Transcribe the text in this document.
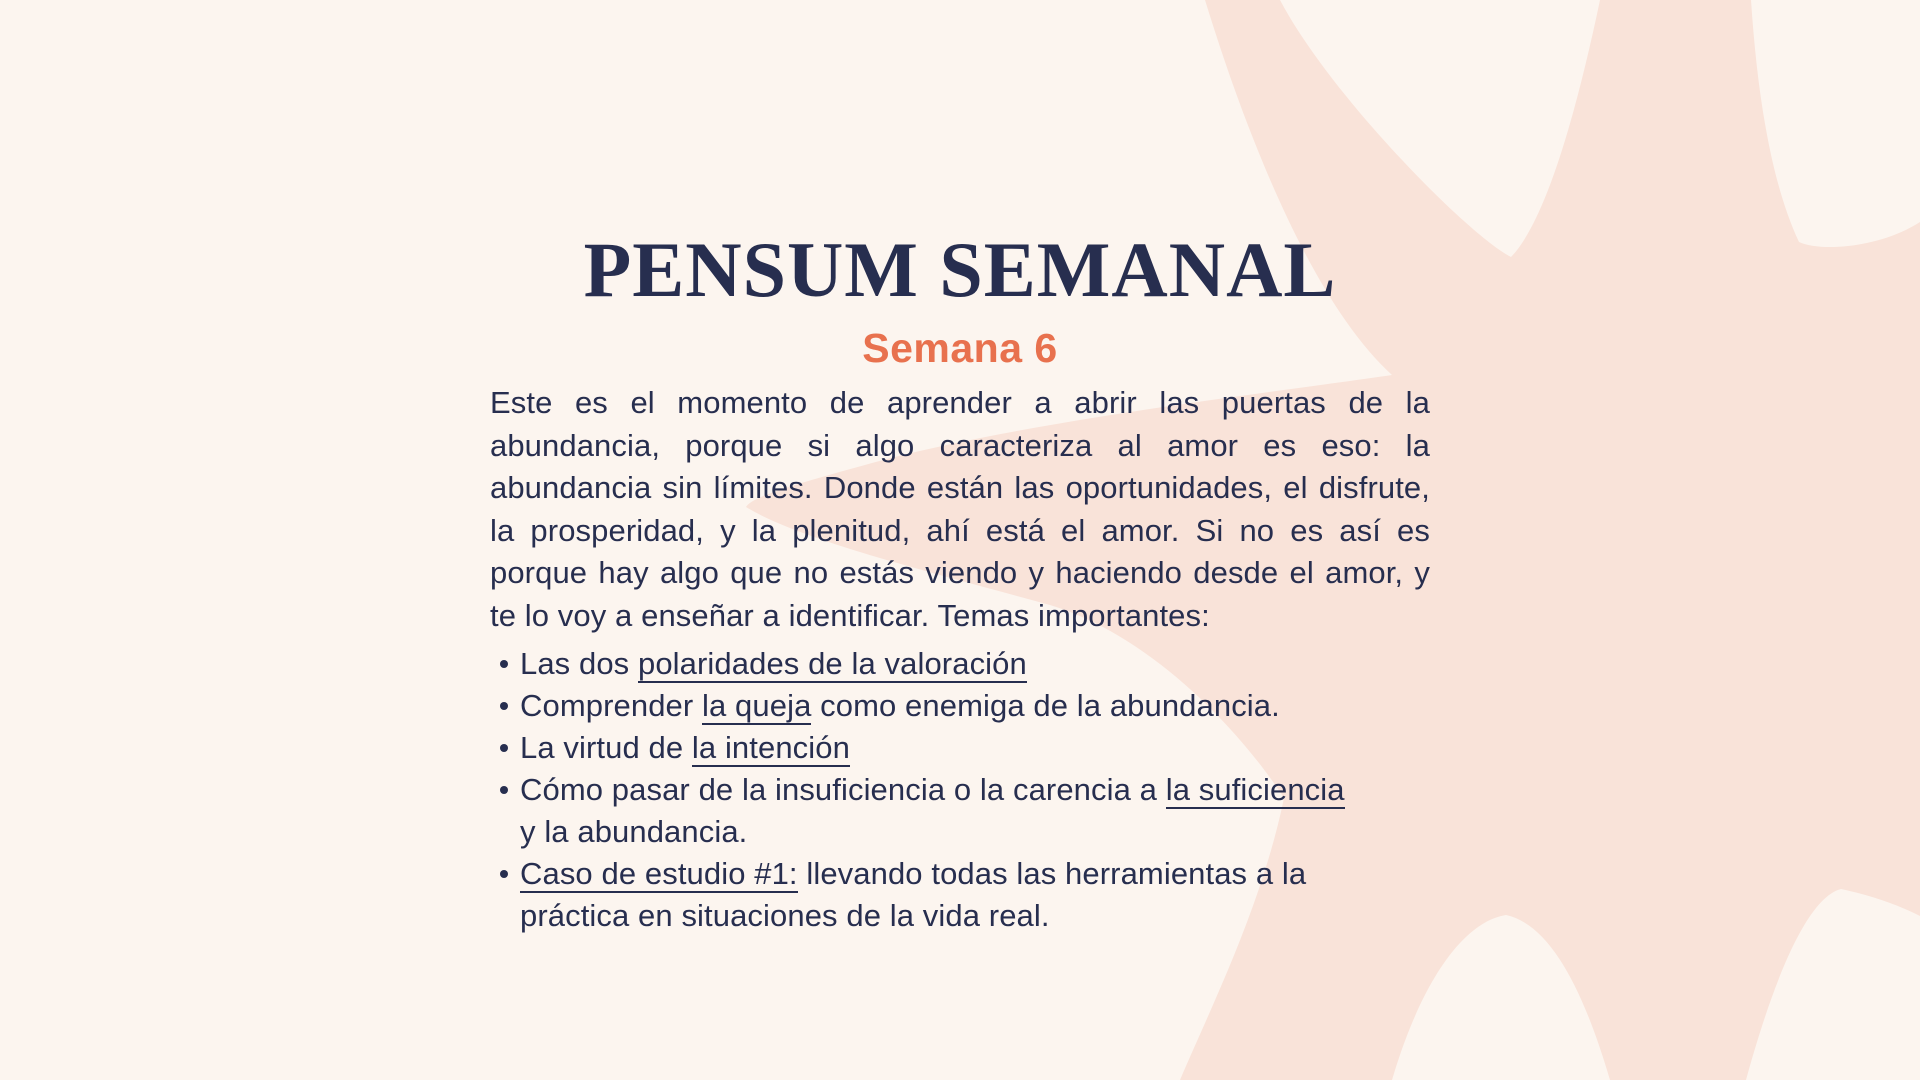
PENSUM SEMANAL
Semana 6

Este es el momento de aprender a abrir las puertas de la abundancia, porque si algo caracteriza al amor es eso: la abundancia sin límites. Donde están las oportunidades, el disfrute, la prosperidad, y la plenitud, ahí está el amor. Si no es así es porque hay algo que no estás viendo y haciendo desde el amor, y te lo voy a enseñar a identificar. Temas importantes:

Las dos polaridades de la valoración
Comprender la queja como enemiga de la abundancia.
La virtud de la intención
Cómo pasar de la insuficiencia o la carencia a la suficiencia y la abundancia.
Caso de estudio #1: llevando todas las herramientas a la práctica en situaciones de la vida real.
